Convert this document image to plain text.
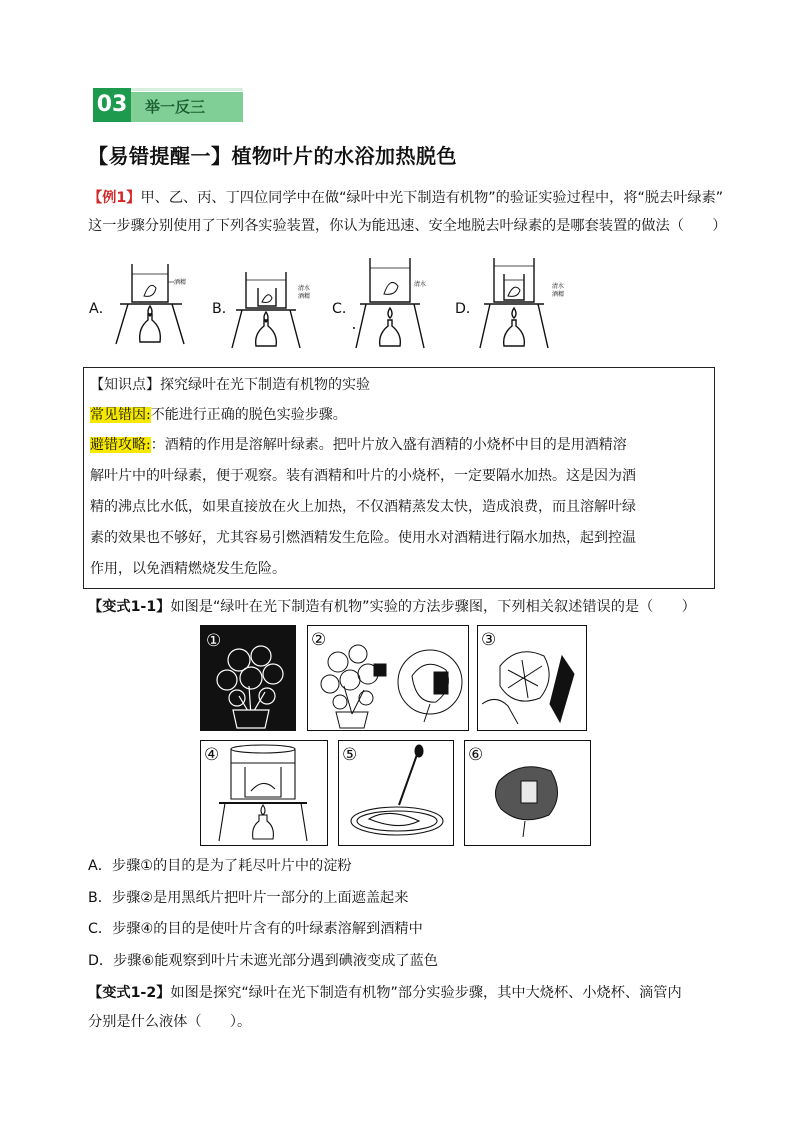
03	举一反三
【易错提醒一】植物叶片的水浴加热脱色
【例1】甲、乙、丙、丁四位同学中在做“绿叶中光下制造有机物”的验证实验过程中，将“脱去叶绿素”
这一步骤分别使用了下列各实验装置，你认为能迅速、安全地脱去叶绿素的是哪套装置的做法（　　）
A．	B．	C．	D．
酒精
清水
酒精
清水	清水
酒精
【知识点】探究绿叶在光下制造有机物的实验
常见错因:不能进行正确的脱色实验步骤。
避错攻略:：酒精的作用是溶解叶绿素。把叶片放入盛有酒精的小烧杯中目的是用酒精溶
解叶片中的叶绿素，便于观察。装有酒精和叶片的小烧杯，一定要隔水加热。这是因为酒
精的沸点比水低，如果直接放在火上加热，不仅酒精蒸发太快，造成浪费，而且溶解叶绿
素的效果也不够好，尤其容易引燃酒精发生危险。使用水对酒精进行隔水加热，起到控温
作用，以免酒精燃烧发生危险。
【变式1-1】如图是“绿叶在光下制造有机物”实验的方法步骤图，下列相关叙述错误的是（　　）
①	②	③
④	⑤	⑥
A．步骤①的目的是为了耗尽叶片中的淀粉
B．步骤②是用黑纸片把叶片一部分的上面遮盖起来
C．步骤④的目的是使叶片含有的叶绿素溶解到酒精中
D．步骤⑥能观察到叶片未遮光部分遇到碘液变成了蓝色
【变式1-2】如图是探究“绿叶在光下制造有机物”部分实验步骤，其中大烧杯、小烧杯、滴管内
分别是什么液体（　　）。
